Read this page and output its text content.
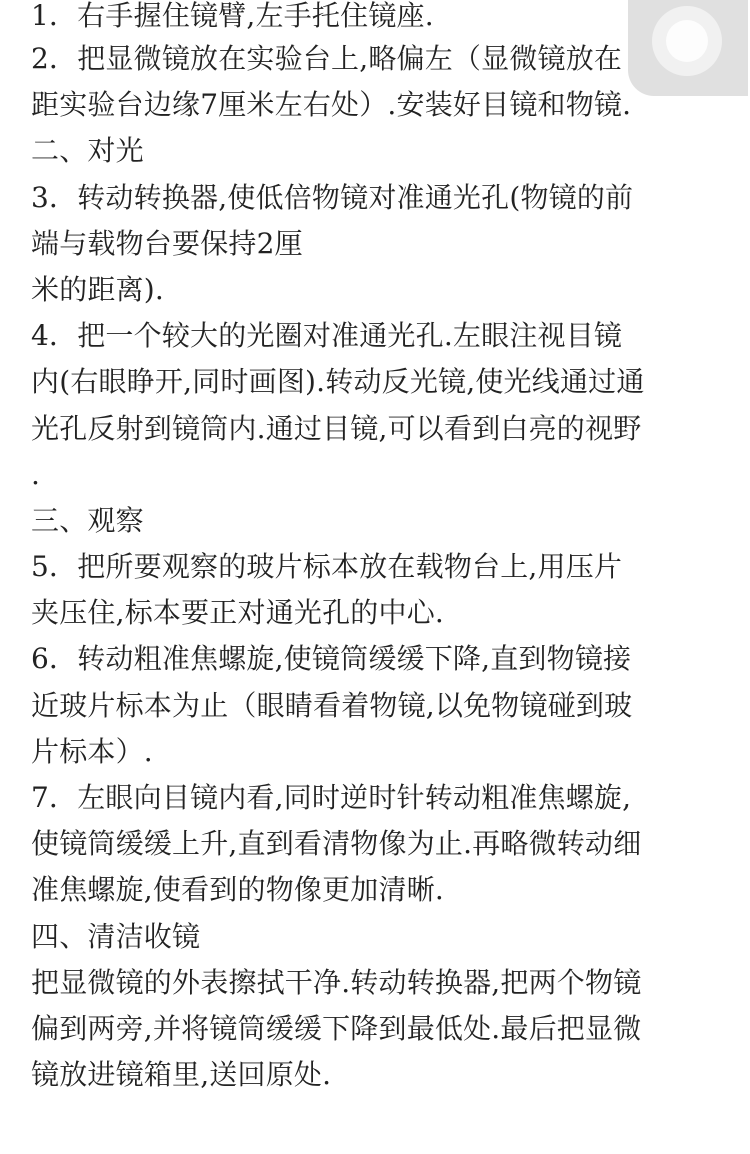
1．右手握住镜臂,左手托住镜座.
2．把显微镜放在实验台上,略偏左（显微镜放在
距实验台边缘7厘米左右处）.安装好目镜和物镜.
二、对光
3．转动转换器,使低倍物镜对准通光孔(物镜的前
端与载物台要保持2厘
米的距离).
4．把一个较大的光圈对准通光孔.左眼注视目镜
内(右眼睁开,同时画图).转动反光镜,使光线通过通
光孔反射到镜筒内.通过目镜,可以看到白亮的视野
.
三、观察
5．把所要观察的玻片标本放在载物台上,用压片
夹压住,标本要正对通光孔的中心.
6．转动粗准焦螺旋,使镜筒缓缓下降,直到物镜接
近玻片标本为止（眼睛看着物镜,以免物镜碰到玻
片标本）.
7．左眼向目镜内看,同时逆时针转动粗准焦螺旋,
使镜筒缓缓上升,直到看清物像为止.再略微转动细
准焦螺旋,使看到的物像更加清晰.
四、清洁收镜
把显微镜的外表擦拭干净.转动转换器,把两个物镜
偏到两旁,并将镜筒缓缓下降到最低处.最后把显微
镜放进镜箱里,送回原处.
